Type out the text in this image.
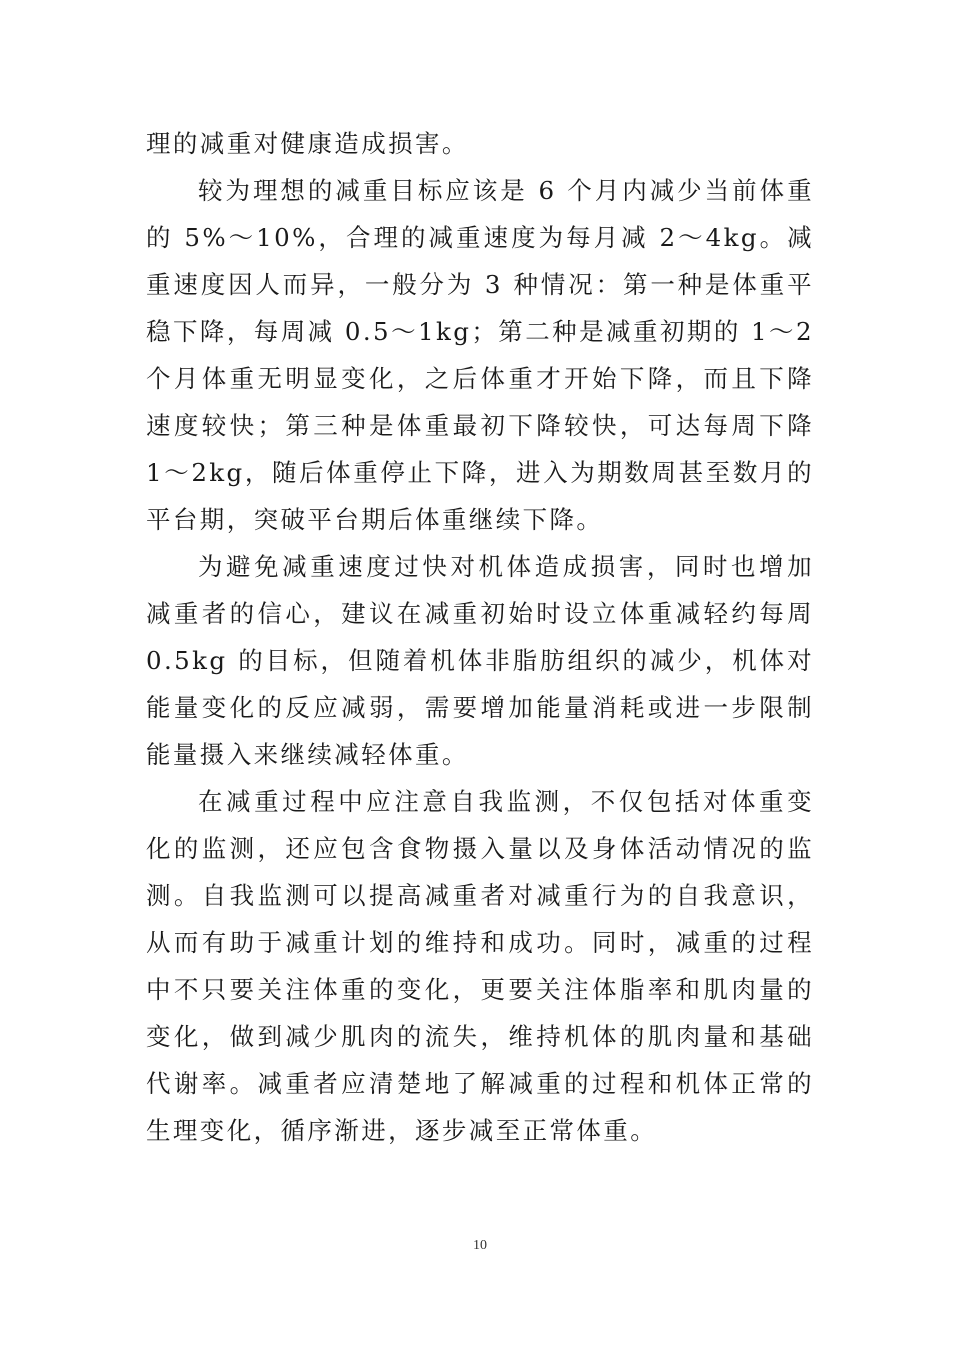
理的减重对健康造成损害。

较为理想的减重目标应该是 6 个月内减少当前体重的 5%～10%，合理的减重速度为每月减 2～4kg。减重速度因人而异，一般分为 3 种情况：第一种是体重平稳下降，每周减 0.5～1kg；第二种是减重初期的 1～2 个月体重无明显变化，之后体重才开始下降，而且下降速度较快；第三种是体重最初下降较快，可达每周下降 1～2kg，随后体重停止下降，进入为期数周甚至数月的平台期，突破平台期后体重继续下降。

为避免减重速度过快对机体造成损害，同时也增加减重者的信心，建议在减重初始时设立体重减轻约每周 0.5kg 的目标，但随着机体非脂肪组织的减少，机体对能量变化的反应减弱，需要增加能量消耗或进一步限制能量摄入来继续减轻体重。

在减重过程中应注意自我监测，不仅包括对体重变化的监测，还应包含食物摄入量以及身体活动情况的监测。自我监测可以提高减重者对减重行为的自我意识，从而有助于减重计划的维持和成功。同时，减重的过程中不只要关注体重的变化，更要关注体脂率和肌肉量的变化，做到减少肌肉的流失，维持机体的肌肉量和基础代谢率。减重者应清楚地了解减重的过程和机体正常的生理变化，循序渐进，逐步减至正常体重。

10
